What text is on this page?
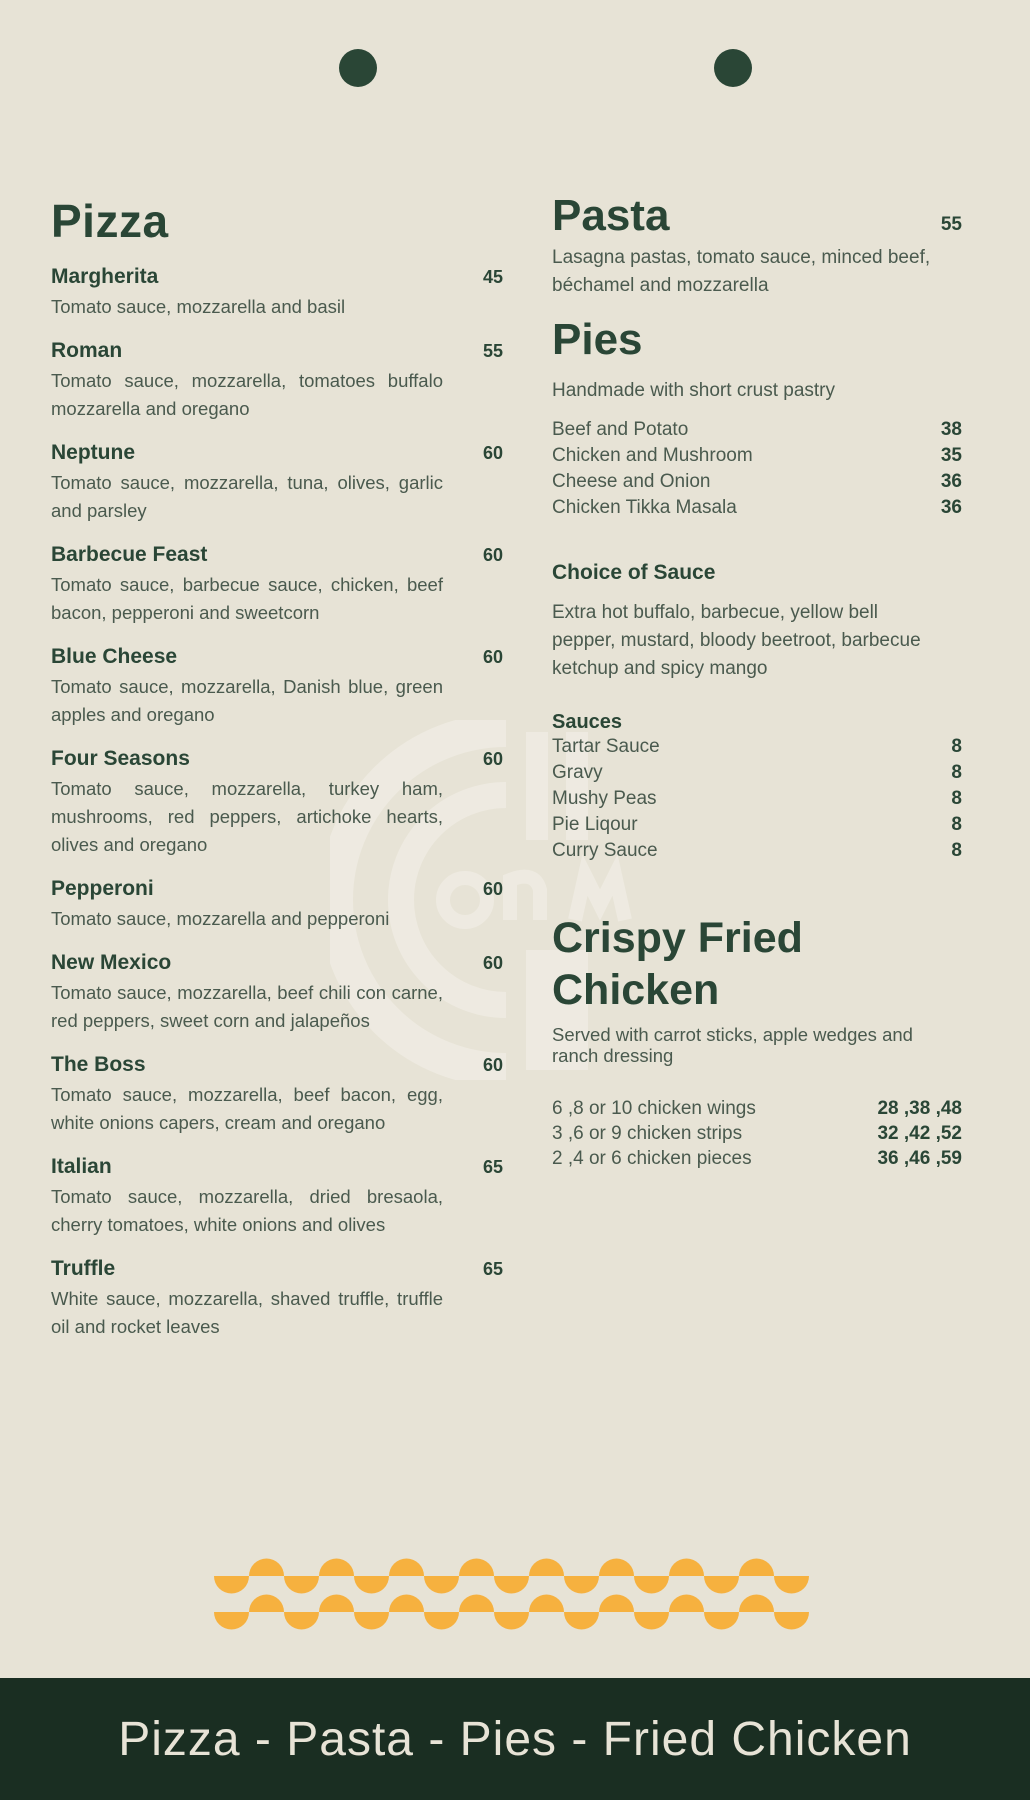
Pizza
Margherita	45
Tomato sauce, mozzarella and basil
Roman	55
Tomato sauce, mozzarella, tomatoes buffalo mozzarella and oregano
Neptune	60
Tomato sauce, mozzarella, tuna, olives, garlic and parsley
Barbecue Feast	60
Tomato sauce, barbecue sauce, chicken, beef bacon, pepperoni and sweetcorn
Blue Cheese	60
Tomato sauce, mozzarella, Danish blue, green apples and oregano
Four Seasons	60
Tomato sauce, mozzarella, turkey ham, mushrooms, red peppers, artichoke hearts, olives and oregano
Pepperoni	60
Tomato sauce, mozzarella and pepperoni
New Mexico	60
Tomato sauce, mozzarella, beef chili con carne, red peppers, sweet corn and jalapeños
The Boss	60
Tomato sauce, mozzarella, beef bacon, egg, white onions capers, cream and oregano
Italian	65
Tomato sauce, mozzarella, dried bresaola, cherry tomatoes, white onions and olives
Truffle	65
White sauce, mozzarella, shaved truffle, truffle oil and rocket leaves
Pasta	55
Lasagna pastas, tomato sauce, minced beef, béchamel and mozzarella
Pies
Handmade with short crust pastry
Beef and Potato	38
Chicken and Mushroom	35
Cheese and Onion	36
Chicken Tikka Masala	36
Choice of Sauce
Extra hot buffalo, barbecue, yellow bell pepper, mustard, bloody beetroot, barbecue ketchup and spicy mango
Sauces
Tartar Sauce	8
Gravy	8
Mushy Peas	8
Pie Liqour	8
Curry Sauce	8
Crispy Fried
Chicken
Served with carrot sticks, apple wedges and ranch dressing
6 ,8 or 10 chicken wings	28 ,38 ,48
3 ,6 or 9 chicken strips	32 ,42 ,52
2 ,4 or 6 chicken pieces	36 ,46 ,59
Pizza - Pasta - Pies - Fried Chicken
